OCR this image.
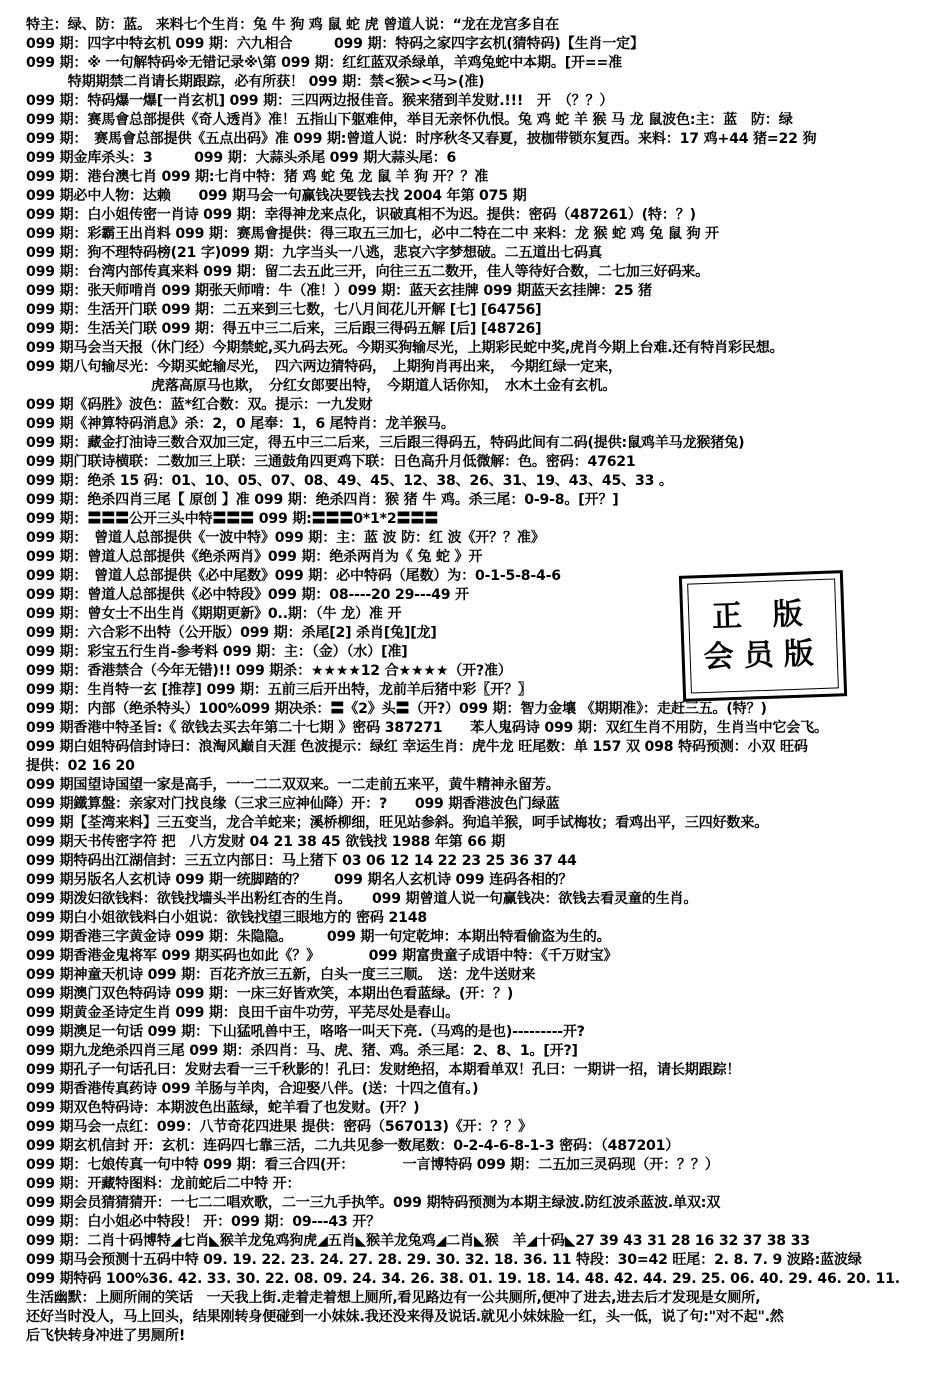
特主：绿、防：蓝。 来料七个生肖：兔 牛 狗 鸡 鼠 蛇 虎 曾道人说：“龙在龙宫多自在
099 期：四字中特玄机 099 期：六九相合　　　099 期：特码之家四字玄机(猜特码)【生肖一定】
099 期：※ 一句解特码※无错记录※\第 099 期：红红蓝双杀绿单，羊鸡兔蛇中本期。[开==准
　　　特期期禁二肖请长期跟踪，必有所获！ 099 期：禁<猴><马>(准)
099 期：特码爆一爆[一肖玄机] 099 期：三四两边报佳音。猴来猪到羊发财.!!!　开　（？？）
099 期：赛馬會总部提供《奇人透肖》准！五指山下躯难伸，举目无亲怀仇恨。兔 鸡 蛇 羊 猴 马 龙 鼠波色:主：蓝　防：绿
099 期：　赛馬會总部提供《五点出码》准 099 期:曾道人说：时序秋冬又春夏，披枷带锁东复西。来料：17 鸡+44 猪=22 狗
099 期金库杀头：3　　　099 期：大蒜头杀尾 099 期大蒜头尾：6
099 期：港台澳七肖 099 期:七肖中特：猪 鸡 蛇 兔 龙 鼠 羊 狗 开？？准
099 期必中人物：达赖　　099 期马会一句赢钱决要钱去找 2004 年第 075 期
099 期：白小姐传密一肖诗 099 期：幸得神龙来点化，识破真相不为迟。提供：密码（487261）(特：？)
099 期：彩霸王出肖料 099 期：赛馬會提供：得三取五三加七，必中二特在二中 来料：龙 猴 蛇 鸡 兔 鼠 狗 开
099 期：狗不理特码榜(21 字)099 期：九字当头一八逃，悲哀六字梦想破。二五道出七码真
099 期：台湾内部传真来料 099 期：留二去五此三开，向往三五二数开，佳人等待好合数，二七加三好码来。
099 期：张天师啃肖 099 期张天师啃：牛（准！）099 期：蓝天玄挂牌 099 期蓝天玄挂牌：25 猪
099 期：生活开门联 099 期：二五来到三七数，七八月间花儿开解 [七] [64756]
099 期：生活关门联 099 期：得五中三二后来，三后跟三得码五解 [后] [48726]
099 期马会当天报（休门经）今期禁蛇,买九码去死。今期买狗输尽光，上期彩民蛇中奖,虎肖今期上台难.还有特肖彩民想。
099 期八句输尽光：今期买蛇输尽光，　四六两边猜特码，　上期狗肖再出来，　今期红绿一定来，
　　　　　　　　　虎落高原马也欺，　分红女郎要出特，　今期道人话你知，　水木土金有玄机。
099 期《码胜》波色：蓝*红合数：双。提示：一九发财
099 期《神算特码消息》杀：2，0 尾奉：1，6 尾特肖：龙羊猴马。
099 期：藏金打油诗三数合双加三定，得五中三二后来，三后跟三得码五，特码此间有二码(提供:鼠鸡羊马龙猴猪兔)
099 期门联诗横联：二数加三上联：三通鼓角四更鸡下联：日色高升月低微解：色。密码：47621
099 期：绝杀 15 码：01、10、05、07、08、49、45、12、38、26、31、19、43、45、33 。
099 期：绝杀四肖三尾【 原创 】准 099 期：绝杀四肖：猴 猪 牛 鸡。杀三尾：0-9-8。[开？]
099 期：〓〓〓公开三头中特〓〓〓 099 期:〓〓〓0*1*2〓〓〓
099 期：　曾道人总部提供《一波中特》099 期：主：蓝 波 防：红 波《开？？准》
099 期：曾道人总部提供《绝杀两肖》099 期：绝杀两肖为《 兔 蛇 》开
099 期：　曾道人总部提供《必中尾数》099 期：必中特码（尾数）为：0-1-5-8-4-6
099 期：曾道人总部提供《必中特段》099 期：08----20 29---49 开
099 期：曾女士不出生肖《期期更新》0..期：（牛 龙）准 开
099 期：六合彩不出特（公开版）099 期：杀尾[2] 杀肖[兔][龙]
099 期：彩宝五行生肖-参考料 099 期：主：（金）（水）[准]
099 期：香港禁合（今年无错)!! 099 期杀：★★★★12 合★★★★（开?准）
099 期：生肖特一玄 [推荐] 099 期：五前三后开出特，龙前羊后猪中彩〖开？〗
099 期：内部（绝杀特头）100%099 期决杀：〓《2》头〓（开?）099 期：智力金壤 《期期准》：走赶三五。(特？)
099 期香港中特圣旨:《 欲钱去买去年第二十七期 》密码 387271　　苯人鬼码诗 099 期：双红生肖不用防，生肖当中它会飞。
099 期白姐特码信封诗曰：浪淘风巅自天涯 色波提示：绿红 幸运生肖：虎牛龙 旺尾数：单 157 双 098 特码预测：小双 旺码
提供：02 16 20
099 期国望诗国望一家是高手，一一二二双双来。一二走前五来平，黄牛精神永留芳。
099 期鐵算盤：亲家对门找良缘（三求三应神仙降）开：?　　099 期香港波色门绿蓝
099 期【荃湾来料】三五变当，龙合羊蛇来；溪桥柳细，旺见站参斜。狗追羊猴，呵手试梅妆；看鸡出平，三四好数来。
099 期天书传密字符 把　八方发财 04 21 38 45 欲钱找 1988 年第 66 期
099 期特码出江湖信封：三五立内部日：马上猪下 03 06 12 14 22 23 25 36 37 44
099 期另版名人玄机诗 099 期一统脚踏的？　　099 期名人玄机诗 099 连码各相的？
099 期泼妇欲钱料：欲钱找墙头半出粉红杏的生肖。　　099 期曾道人说一句赢钱决：欲钱去看灵童的生肖。
099 期白小姐欲钱料白小姐说：欲钱找望三眼地方的 密码 2148
099 期香港三字黄金诗 099 期：朱隐隐。　　　099 期一句定乾坤：本期出特看偷盗为生的。
099 期香港金鬼将军 099 期买码也如此《？》　　　　099 期富贵童子成语中特：《千万财宝》
099 期神童天机诗 099 期：百花齐放三五新，白头一度三三顺。　送：龙牛送财来
099 期澳门双色特码诗 099 期：一床三好皆欢笑，本期出色看蓝绿。(开：？)
099 期黄金圣诗定生肖 099 期：良田千亩牛功劳，平芜尽处是春山。
099 期澳足一句话 099 期：下山猛吼兽中王，咯咯一叫天下亮.（马鸡的是也)---------开?
099 期九龙绝杀四肖三尾 099 期：杀四肖：马、虎、猪、鸡。杀三尾：2、8、1。[开?]
099 期孔子一句话孔曰：发财去看一三千秋影的！孔曰：发财绝招，本期看单双！孔曰：一期讲一招，请长期跟踪！
099 期香港传真药诗 099 羊肠与羊肉，合迎娶八伴。(送：十四之值有。)
099 期双色特码诗：本期波色出蓝绿，蛇羊看了也发财。(开？)
099 期马会一点红：099：八节奇花四进果 提供：密码（567013)《开：？？》
099 期玄机信封 开：玄机：连码四七靠三活，二九共见参一数尾数：0-2-4-6-8-1-3 密码：（487201）
099 期：七娘传真一句中特 099 期：看三合四(开：　　　　一言博特码 099 期：二五加三灵码现（开：？？）
099 期：开藏特图料：龙前蛇后二中特 开：
099 期会员猜猜猜开：一七二二唱欢歌，二一三九手执竿。099 期特码预测为本期主绿波.防红波杀蓝波.单双:双
099 期：白小姐必中特段！ 开：099 期：09---43 开？
099 期：二肖十码博特◢七肖◣猴羊龙兔鸡狗虎◢五肖◣猴羊龙兔鸡◢二肖◣猴　羊◢十码◣27 39 43 31 28 16 32 37 38 33
099 期马会预测十五码中特 09. 19. 22. 23. 24. 27. 28. 29. 30. 32. 18. 36. 11 特段：30=42 旺尾：2. 8. 7. 9 波路:蓝波绿
099 期特码 100%36. 42. 33. 30. 22. 08. 09. 24. 34. 26. 38. 01. 19. 18. 14. 48. 42. 44. 29. 25. 06. 40. 29. 46. 20. 11.
生活幽默：上厕所闹的笑话　一天我上街.走着走着想上厕所,看见路边有一公共厕所,便冲了进去,进去后才发现是女厕所,
还好当时没人，马上回头，结果刚转身便碰到一小妹妹.我还没来得及说话.就见小妹妹脸一红，头一低，说了句:"对不起".然
后飞快转身冲进了男厕所!
正 版
会员版
